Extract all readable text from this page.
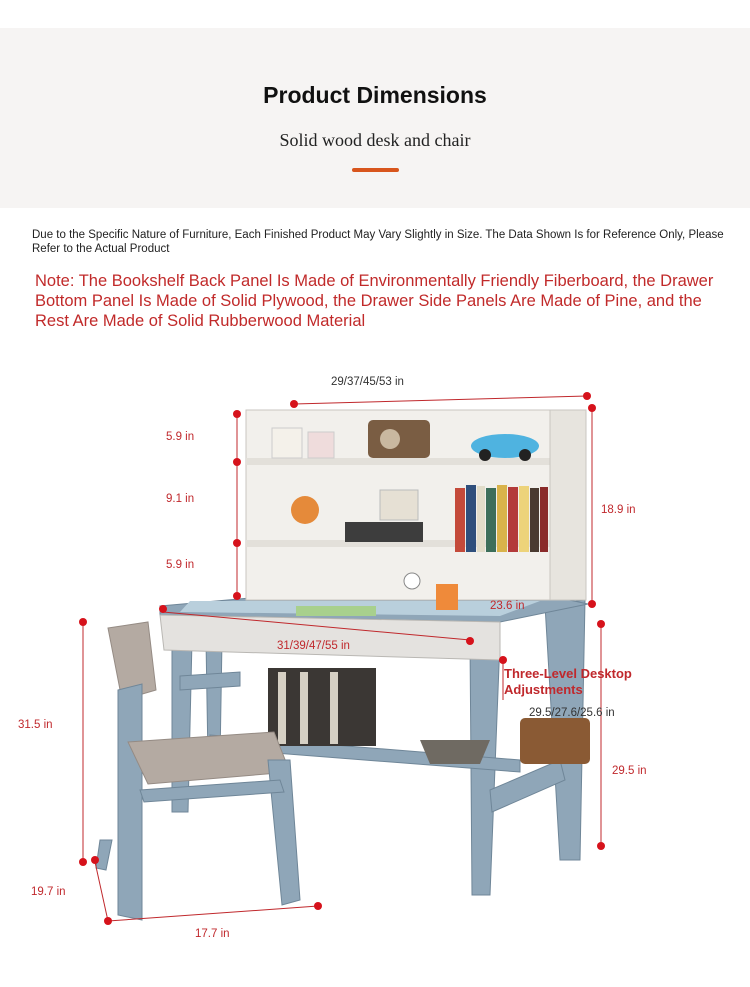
Product Dimensions
Solid wood desk and chair
Due to the Specific Nature of Furniture, Each Finished Product May Vary Slightly in Size. The Data Shown Is for Reference Only, Please Refer to the Actual Product
Note: The Bookshelf Back Panel Is Made of Environmentally Friendly Fiberboard, the Drawer Bottom Panel Is Made of Solid Plywood, the Drawer Side Panels Are Made of Pine, and the Rest Are Made of Solid Rubberwood Material
29/37/45/53 in
5.9 in
9.1 in
5.9 in
18.9 in
23.6 in
31/39/47/55 in
31.5 in
29.5/27.6/25.6 in
29.5 in
19.7 in
17.7 in
Three-Level Desktop Adjustments
